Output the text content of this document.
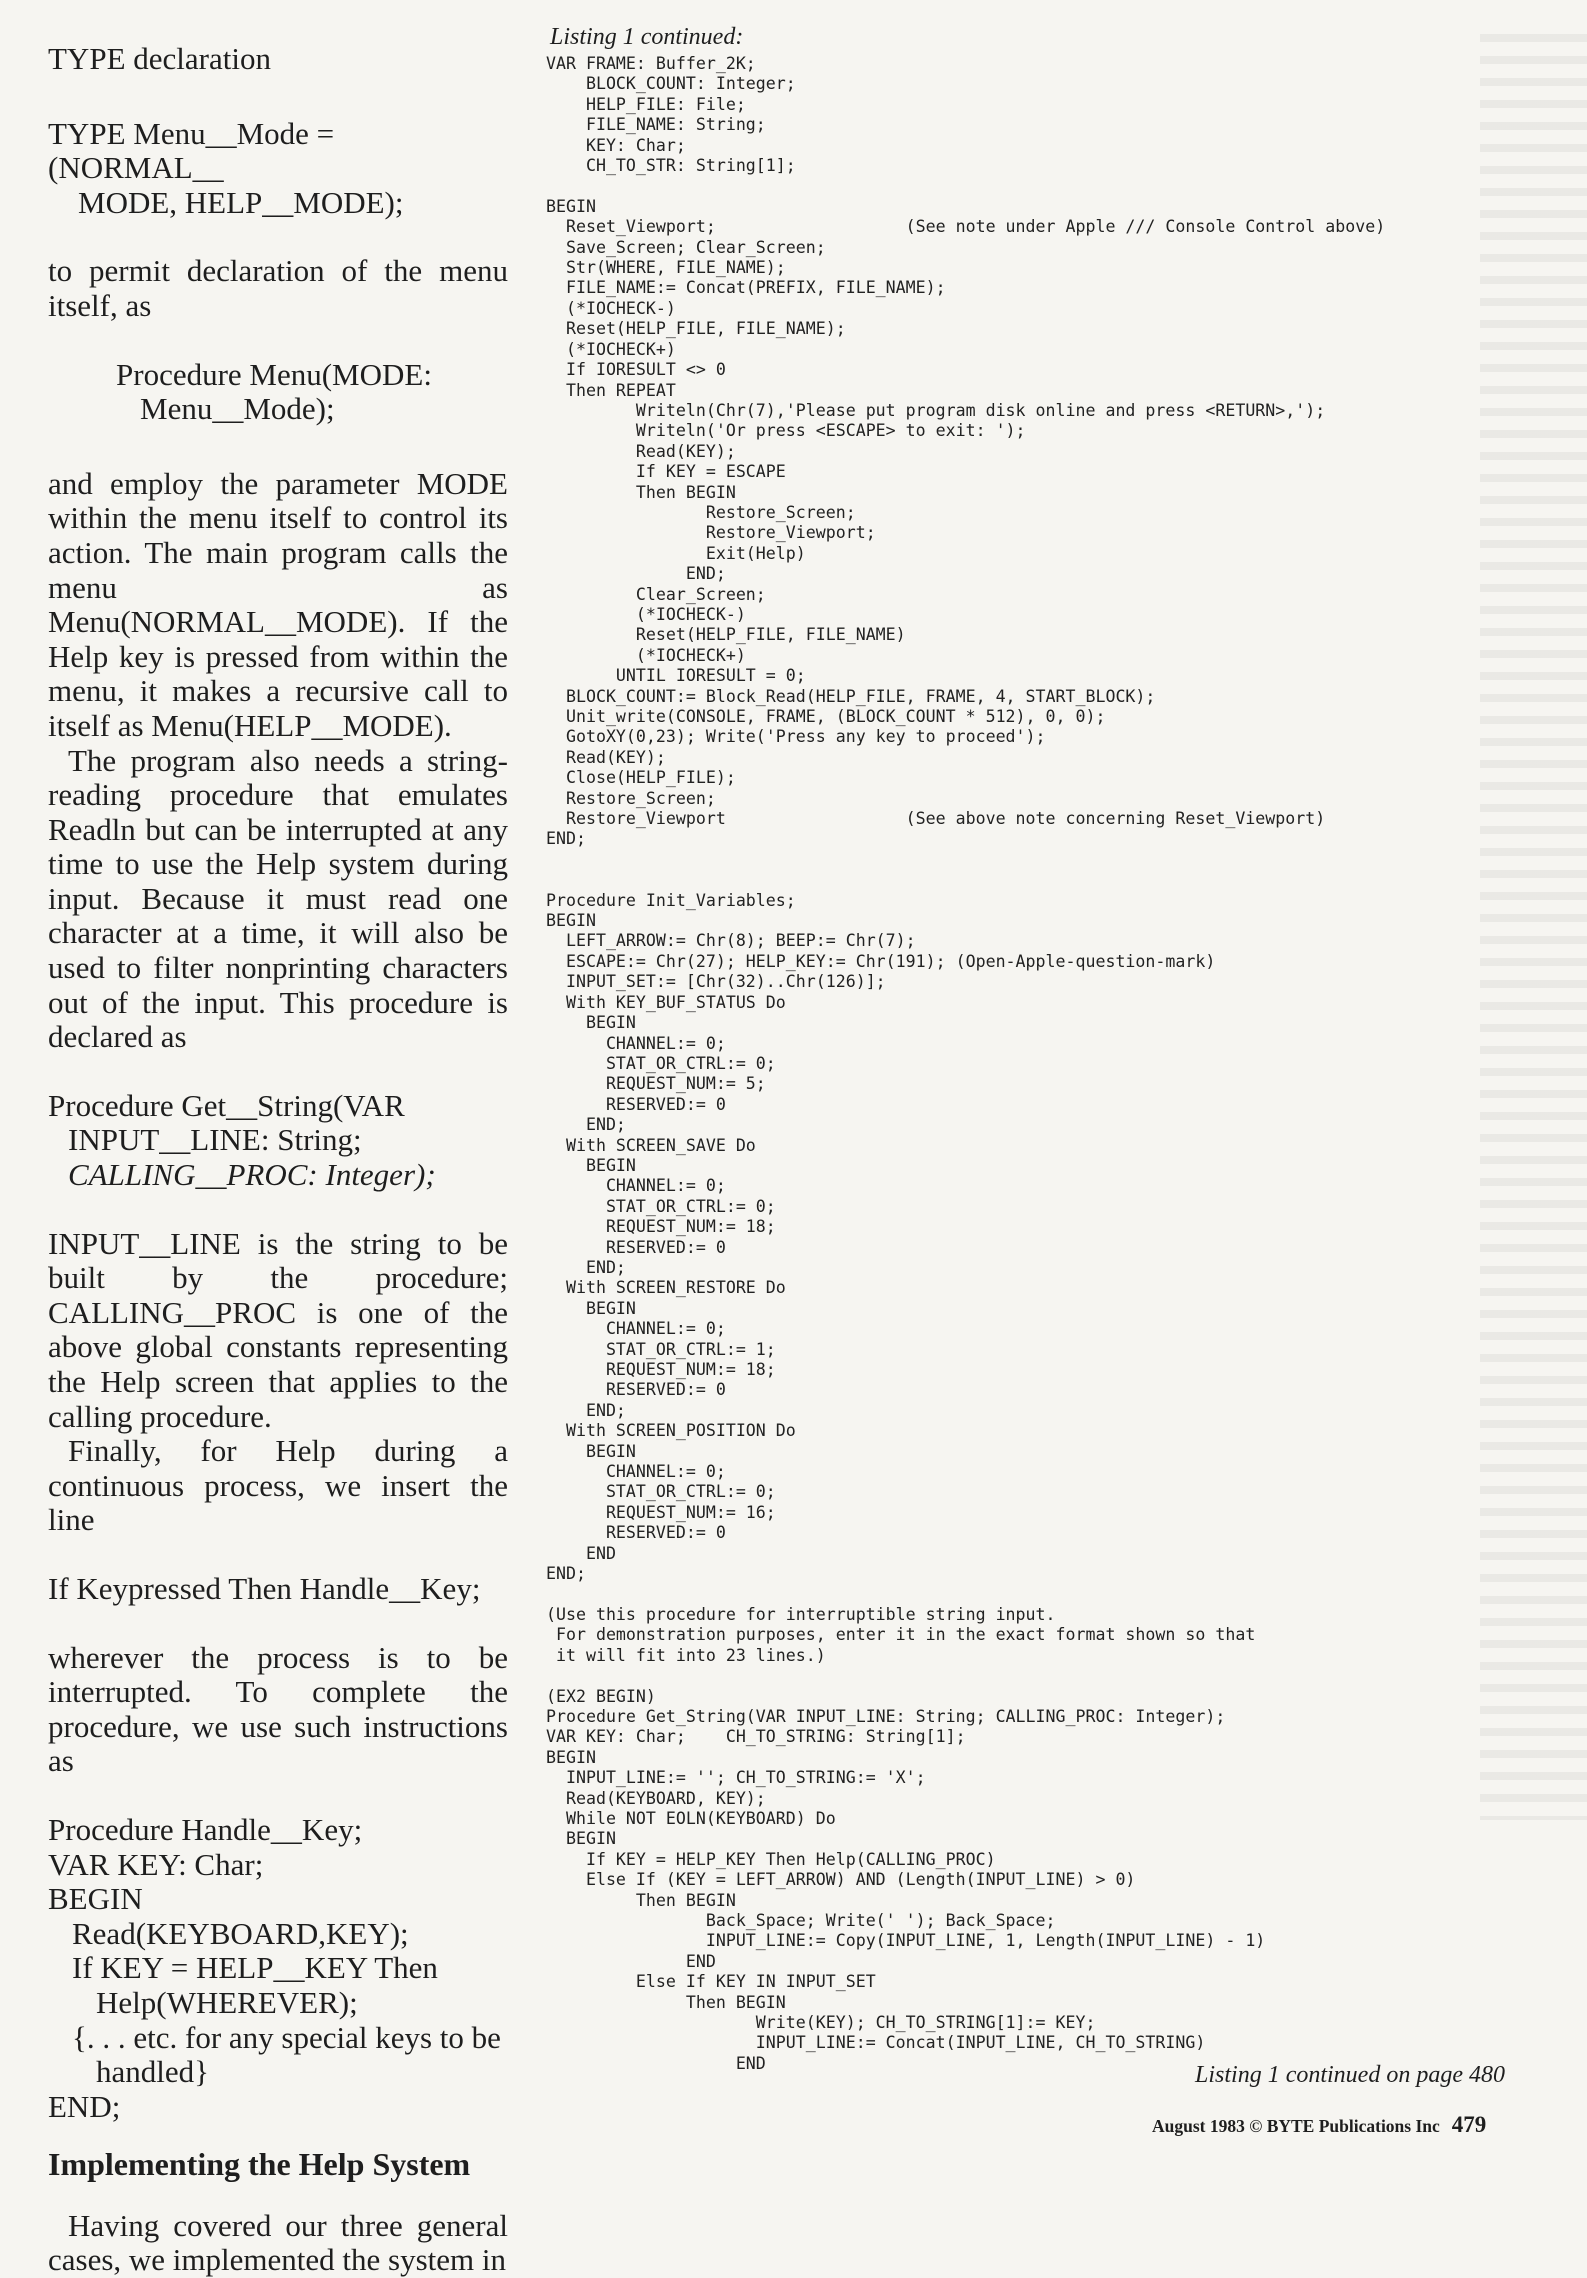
TYPE declaration

TYPE Menu__Mode = (NORMAL__

MODE, HELP__MODE);

to permit declaration of the menu itself, as

Procedure Menu(MODE:

Menu__Mode);

and employ the parameter MODE within the menu itself to control its action. The main program calls the menu as Menu(NORMAL__MODE). If the Help key is pressed from within the menu, it makes a recursive call to itself as Menu(HELP__MODE).

The program also needs a string-reading procedure that emulates Readln but can be interrupted at any time to use the Help system during input. Because it must read one character at a time, it will also be used to filter nonprinting characters out of the input. This procedure is declared as

Procedure Get__String(VAR

INPUT__LINE: String;

CALLING__PROC: Integer);

INPUT__LINE is the string to be built by the procedure; CALLING__PROC is one of the above global constants representing the Help screen that applies to the calling procedure.

Finally, for Help during a continuous process, we insert the line

If Keypressed Then Handle__Key;

wherever the process is to be interrupted. To complete the procedure, we use such instructions as

Procedure Handle__Key;

VAR KEY: Char;

BEGIN

Read(KEYBOARD,KEY);

If KEY = HELP__KEY Then

Help(WHEREVER);

{. . . etc. for any special keys to be

handled}

END;

Implementing the Help System

Having covered our three general cases, we implemented the system in

Listing 1 continued:

VAR FRAME: Buffer_2K;
BLOCK_COUNT: Integer;
HELP_FILE: File;
FILE_NAME: String;
KEY: Char;
CH_TO_STR: String[1];

BEGIN
Reset_Viewport;                   (See note under Apple /// Console Control above)
Save_Screen; Clear_Screen;
Str(WHERE, FILE_NAME);
FILE_NAME:= Concat(PREFIX, FILE_NAME);
(*IOCHECK-)
Reset(HELP_FILE, FILE_NAME);
(*IOCHECK+)
If IORESULT <> 0
Then REPEAT
Writeln(Chr(7),'Please put program disk online and press <RETURN>,');
Writeln('Or press <ESCAPE> to exit: ');
Read(KEY);
If KEY = ESCAPE
Then BEGIN
Restore_Screen;
Restore_Viewport;
Exit(Help)
END;
Clear_Screen;
(*IOCHECK-)
Reset(HELP_FILE, FILE_NAME)
(*IOCHECK+)
UNTIL IORESULT = 0;
BLOCK_COUNT:= Block_Read(HELP_FILE, FRAME, 4, START_BLOCK);
Unit_write(CONSOLE, FRAME, (BLOCK_COUNT * 512), 0, 0);
GotoXY(0,23); Write('Press any key to proceed');
Read(KEY);
Close(HELP_FILE);
Restore_Screen;
Restore_Viewport                  (See above note concerning Reset_Viewport)
END;

Procedure Init_Variables;
BEGIN
LEFT_ARROW:= Chr(8); BEEP:= Chr(7);
ESCAPE:= Chr(27); HELP_KEY:= Chr(191); (Open-Apple-question-mark)
INPUT_SET:= [Chr(32)..Chr(126)];
With KEY_BUF_STATUS Do
BEGIN
CHANNEL:= 0;
STAT_OR_CTRL:= 0;
REQUEST_NUM:= 5;
RESERVED:= 0
END;
With SCREEN_SAVE Do
BEGIN
CHANNEL:= 0;
STAT_OR_CTRL:= 0;
REQUEST_NUM:= 18;
RESERVED:= 0
END;
With SCREEN_RESTORE Do
BEGIN
CHANNEL:= 0;
STAT_OR_CTRL:= 1;
REQUEST_NUM:= 18;
RESERVED:= 0
END;
With SCREEN_POSITION Do
BEGIN
CHANNEL:= 0;
STAT_OR_CTRL:= 0;
REQUEST_NUM:= 16;
RESERVED:= 0
END
END;

(Use this procedure for interruptible string input.
For demonstration purposes, enter it in the exact format shown so that
it will fit into 23 lines.)

(EX2 BEGIN)
Procedure Get_String(VAR INPUT_LINE: String; CALLING_PROC: Integer);
VAR KEY: Char;    CH_TO_STRING: String[1];
BEGIN
INPUT_LINE:= ''; CH_TO_STRING:= 'X';
Read(KEYBOARD, KEY);
While NOT EOLN(KEYBOARD) Do
BEGIN
If KEY = HELP_KEY Then Help(CALLING_PROC)
Else If (KEY = LEFT_ARROW) AND (Length(INPUT_LINE) > 0)
Then BEGIN
Back_Space; Write(' '); Back_Space;
INPUT_LINE:= Copy(INPUT_LINE, 1, Length(INPUT_LINE) - 1)
END
Else If KEY IN INPUT_SET
Then BEGIN
Write(KEY); CH_TO_STRING[1]:= KEY;
INPUT_LINE:= Concat(INPUT_LINE, CH_TO_STRING)
END	Listing 1 continued on page 480
August 1983 © BYTE Publications Inc 479
